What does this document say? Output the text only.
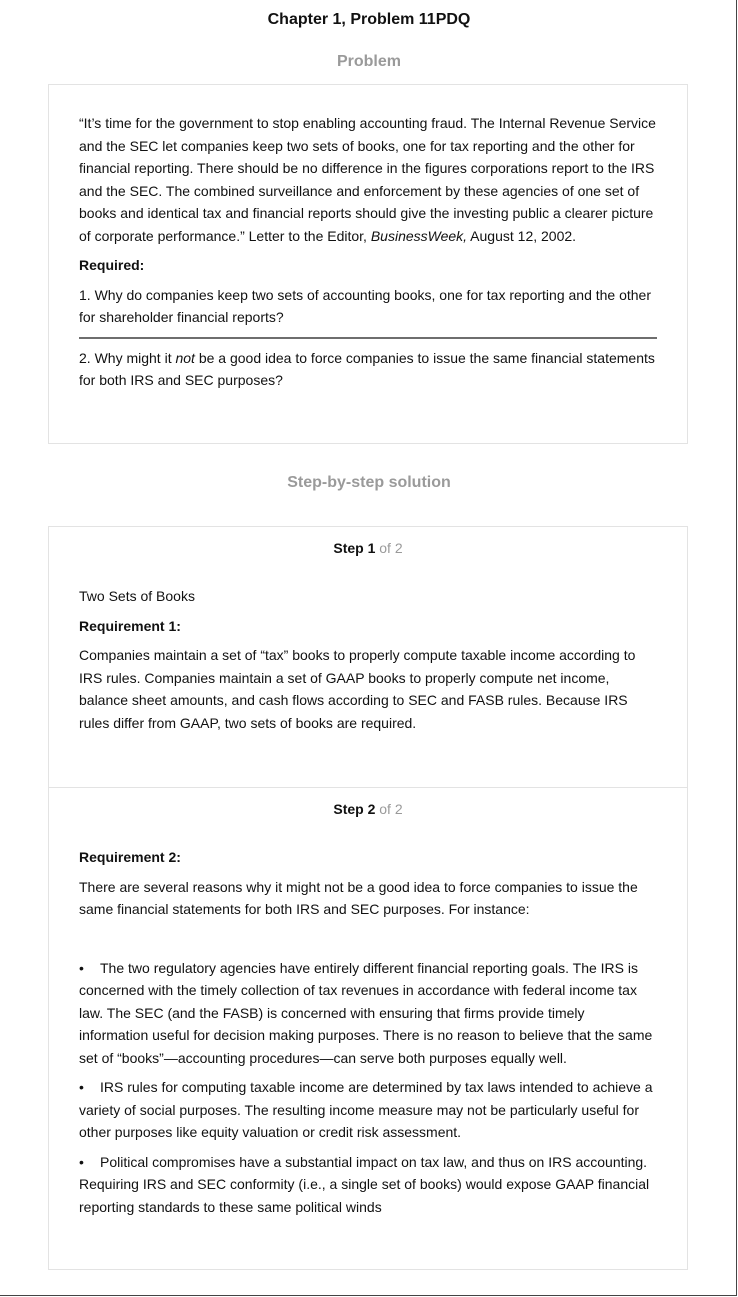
Chapter 1, Problem 11PDQ
Problem

“It’s time for the government to stop enabling accounting fraud. The Internal Revenue Service and the SEC let companies keep two sets of books, one for tax reporting and the other for financial reporting. There should be no difference in the figures corporations report to the IRS and the SEC. The combined surveillance and enforcement by these agencies of one set of books and identical tax and financial reports should give the investing public a clearer picture of corporate performance.” Letter to the Editor, BusinessWeek, August 12, 2002.

Required:

1. Why do companies keep two sets of accounting books, one for tax reporting and the other for shareholder financial reports?

2. Why might it not be a good idea to force companies to issue the same financial statements for both IRS and SEC purposes?

Step-by-step solution
Step 1 of 2

Two Sets of Books

Requirement 1:

Companies maintain a set of “tax” books to properly compute taxable income according to IRS rules. Companies maintain a set of GAAP books to properly compute net income, balance sheet amounts, and cash flows according to SEC and FASB rules. Because IRS rules differ from GAAP, two sets of books are required.

Step 2 of 2

Requirement 2:

There are several reasons why it might not be a good idea to force companies to issue the same financial statements for both IRS and SEC purposes. For instance:

• The two regulatory agencies have entirely different financial reporting goals. The IRS is concerned with the timely collection of tax revenues in accordance with federal income tax law. The SEC (and the FASB) is concerned with ensuring that firms provide timely information useful for decision making purposes. There is no reason to believe that the same set of “books”—accounting procedures—can serve both purposes equally well.

• IRS rules for computing taxable income are determined by tax laws intended to achieve a variety of social purposes. The resulting income measure may not be particularly useful for other purposes like equity valuation or credit risk assessment.

• Political compromises have a substantial impact on tax law, and thus on IRS accounting. Requiring IRS and SEC conformity (i.e., a single set of books) would expose GAAP financial reporting standards to these same political winds
